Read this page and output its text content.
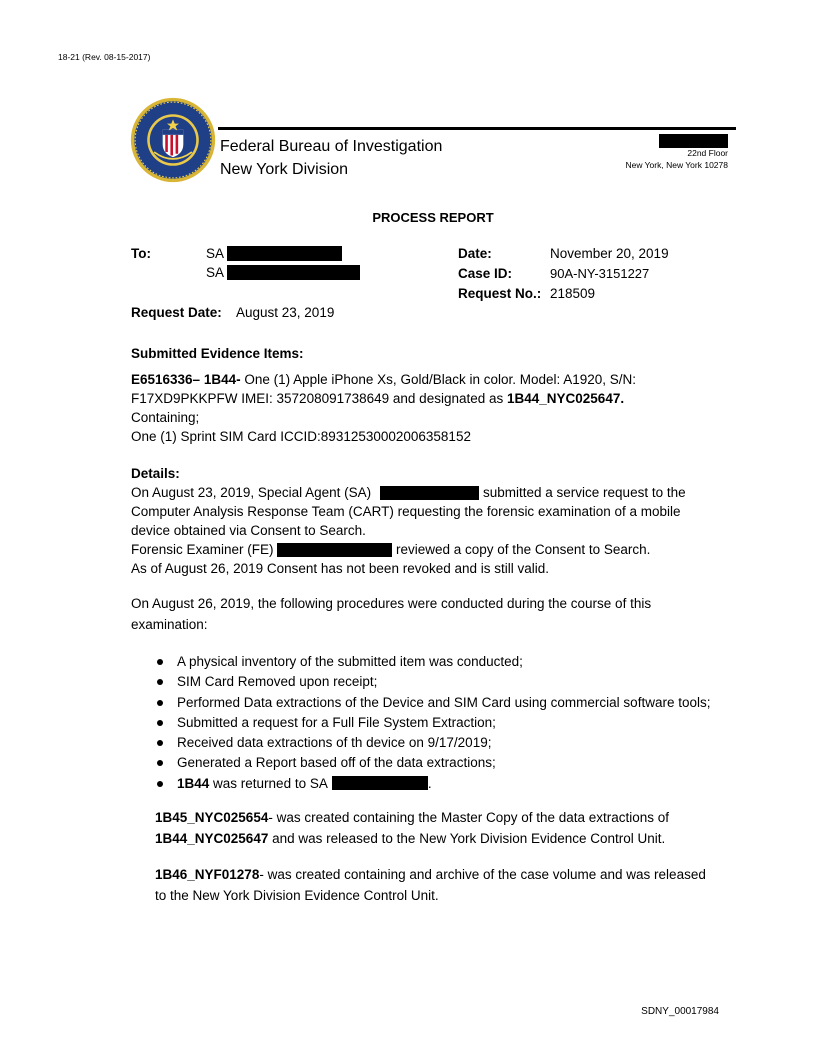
18-21 (Rev. 08-15-2017)
Federal Bureau of Investigation
New York Division
22nd Floor
New York, New York 10278
PROCESS REPORT
To:	SA
SA
Date:	November 20, 2019
Case ID:	90A-NY-3151227
Request No.: 218509
Request Date: August 23, 2019
Submitted Evidence Items:
E6516336– 1B44- One (1) Apple iPhone Xs, Gold/Black in color. Model: A1920, S/N:
F17XD9PKKPFW IMEI: 357208091738649 and designated as 1B44_NYC025647.
Containing;
One (1) Sprint SIM Card ICCID:89312530002006358152
Details:
On August 23, 2019, Special Agent (SA)	submitted a service request to the
Computer Analysis Response Team (CART) requesting the forensic examination of a mobile
device obtained via Consent to Search.
Forensic Examiner (FE)	reviewed a copy of the Consent to Search.
As of August 26, 2019 Consent has not been revoked and is still valid.
On August 26, 2019, the following procedures were conducted during the course of this
examination:
A physical inventory of the submitted item was conducted;
SIM Card Removed upon receipt;
Performed Data extractions of the Device and SIM Card using commercial software tools;
Submitted a request for a Full File System Extraction;
Received data extractions of th device on 9/17/2019;
Generated a Report based off of the data extractions;
1B44 was returned to SA	.
1B45_NYC025654- was created containing the Master Copy of the data extractions of
1B44_NYC025647 and was released to the New York Division Evidence Control Unit.
1B46_NYF01278- was created containing and archive of the case volume and was released
to the New York Division Evidence Control Unit.
SDNY_00017984
